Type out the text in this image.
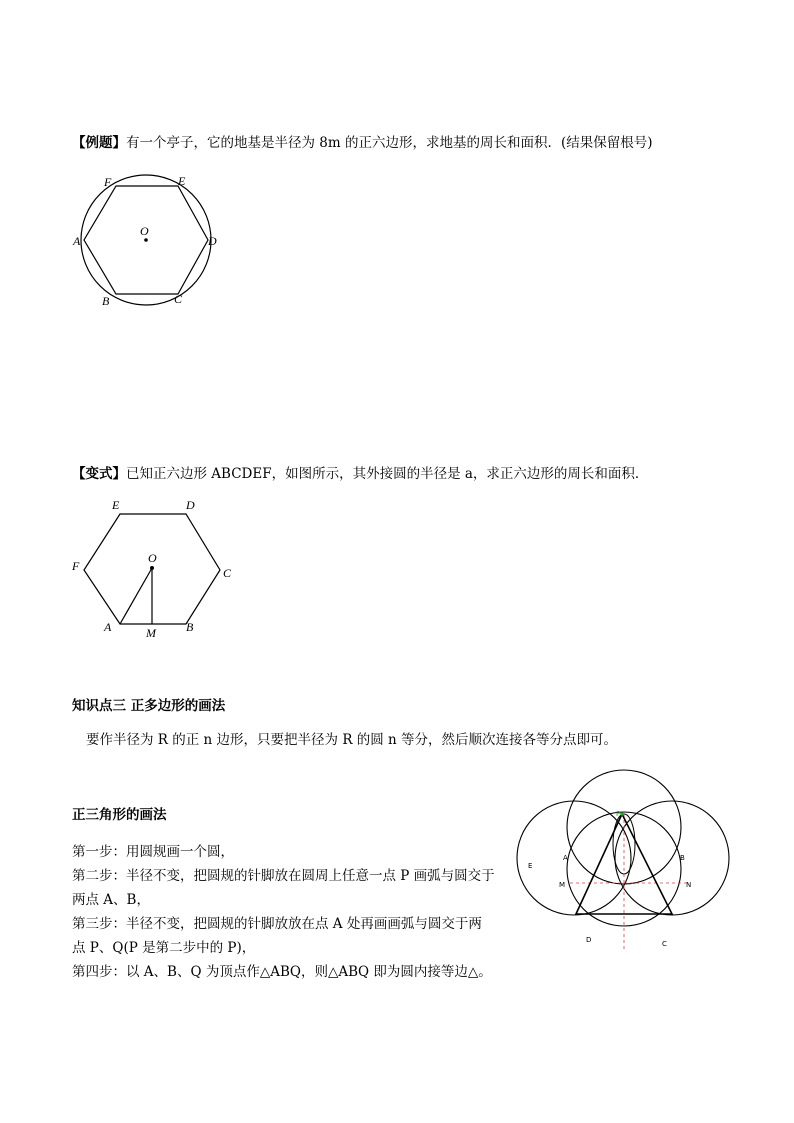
【例题】有一个亭子，它的地基是半径为 8m 的正六边形，求地基的周长和面积．(结果保留根号)
F	E
A
O
D
B	C
【变式】已知正六边形 ABCDEF，如图所示，其外接圆的半径是 a，求正六边形的周长和面积．
E	D
F
O
C
A	M	B
知识点三 正多边形的画法
要作半径为 R 的正 n 边形，只要把半径为 R 的圆 n 等分，然后顺次连接各等分点即可。
正三角形的画法
第一步：用圆规画一个圆，
第二步：半径不变，把圆规的针脚放在圆周上任意一点 P 画弧与圆交于
两点 A、B，
第三步：半径不变，把圆规的针脚放放在点 A 处再画画弧与圆交于两
点 P、Q(P 是第二步中的 P)，
第四步：以 A、B、Q 为顶点作△ABQ，则△ABQ 即为圆内接等边△。
P
A	B
E
M	N
D	C
